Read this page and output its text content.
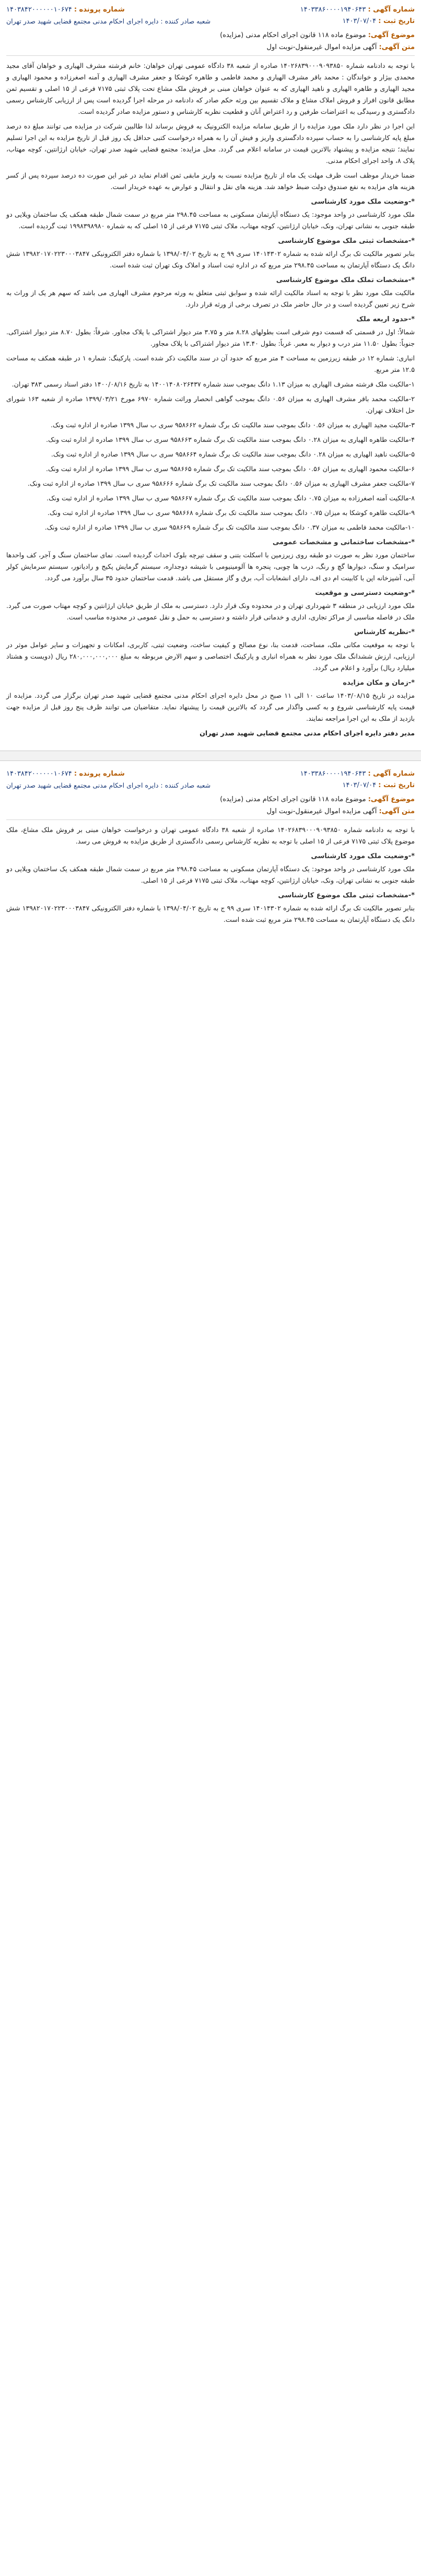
شماره آگهی : ۱۴۰۳۳۸۶۰۰۰۰۱۹۴۰۶۴۳
شماره پرونده : ۱۴۰۳۸۴۲۰۰۰۰۰۰۱۰۶۷۴
تاریخ ثبت : ۱۴۰۳/۰۷/۰۴
شعبه صادر کننده : دایره اجرای احکام مدنی مجتمع قضایی شهید صدر تهران
موضوع آگهی: موضوع ماده ۱۱۸ قانون اجرای احکام مدنی (مزایده)
متن آگهی: آگهی مزایده اموال غیرمنقول-نوبت اول

با توجه به دادنامه شماره ۱۴۰۲۶۸۳۹۰۰۰۹۰۹۳۸۵۰ صادره از شعبه ۳۸ دادگاه عمومی تهران خواهان: خانم فرشته مشرف الهیاری و خواهان آقای مجید محمدی بیژار و خواندگان : محمد باقر مشرف الهیاری و محمد فاطمی و طاهره کوشکا و جعفر مشرف الهیاری و آمنه اصغرزاده و محمود الهیاری و مجید الهیاری و طاهره الهیاری و ناهید الهیاری که به عنوان خواهان مبنی بر فروش ملک مشاع تحت پلاک ثبتی ۷۱۷۵ فرعی از ۱۵ اصلی و تقسیم ثمن مطابق قانون افراز و فروش املاک مشاع و ملاک تقسیم بین ورثه حکم صادر که دادنامه در مرحله اجرا گردیده است پس از ارزیابی کارشناس رسمی دادگستری و رسیدگی به اعتراضات طرفین و رد اعتراض آنان و قطعیت نظریه کارشناس و دستور مزایده صادر گردیده است.

این اجرا در نظر دارد ملک مورد مزایده را از طریق سامانه مزایده الکترونیک به فروش برساند لذا طالبین شرکت در مزایده می توانند مبلغ ده درصد مبلغ پایه کارشناسی را به حساب سپرده دادگستری واریز و فیش آن را به همراه درخواست کتبی حداقل یک روز قبل از تاریخ مزایده به این اجرا تسلیم نمایند؛ نتیجه مزایده و پیشنهاد بالاترین قیمت در سامانه اعلام می گردد. محل مزایده: مجتمع قضایی شهید صدر تهران، خیابان ارژانتین، کوچه مهتاب، پلاک ۸، واحد اجرای احکام مدنی.

ضمنا خریدار موظف است ظرف مهلت یک ماه از تاریخ مزایده نسبت به واریز مابقی ثمن اقدام نماید در غیر این صورت ده درصد سپرده پس از کسر هزینه های مزایده به نفع صندوق دولت ضبط خواهد شد. هزینه های نقل و انتقال و عوارض به عهده خریدار است.

*-وضعیت ملک مورد کارشناسی

ملک مورد کارشناسی در واحد موجود: یک دستگاه آپارتمان مسکونی به مساحت ۲۹۸.۴۵ متر مربع در سمت شمال طبقه همکف یک ساختمان ویلایی دو طبقه جنوبی به نشانی تهران، ونک، خیابان ارژانتین، کوچه مهتاب، ملاک ثبتی ۷۱۷۵ فرعی از ۱۵ اصلی که به شماره ۱۹۹۸۳۹۸۹۸۰ ثبت گردیده است.

*-مشخصات ثبتی ملک موضوع کارشناسی

بنابر تصویر مالکیت تک برگ ارائه شده به شماره ۱۴۰۱۴۳۰۲ سری ۹۹ ج به تاریخ ۱۳۹۸/۰۴/۰۲ با شماره دفتر الکترونیکی ۱۳۹۸۲۰۱۷۰۲۲۳۰۰۰۳۸۴۷ شش دانگ یک دستگاه آپارتمان به مساحت ۲۹۸.۴۵ متر مربع که در اداره ثبت اسناد و املاک ونک تهران ثبت شده است.

*-مشخصات تملک ملک موضوع کارشناسی

مالکیت ملک مورد نظر با توجه به اسناد مالکیت ارائه شده و سوابق ثبتی متعلق به ورثه مرحوم مشرف الهیاری می باشد که سهم هر یک از وراث به شرح زیر تعیین گردیده است و در حال حاضر ملک در تصرف برخی از ورثه قرار دارد.

*-حدود اربعه ملک

شمالاً: اول در قسمتی که قسمت دوم شرقی است بطولهای ۸.۲۸ متر و ۳.۷۵ متر دیوار اشتراکی با پلاک مجاور. شرقاً: بطول ۸.۷۰ متر دیوار اشتراکی. جنوباً: بطول ۱۱.۵۰ متر درب و دیوار به معبر. غرباً: بطول ۱۳.۴۰ متر دیوار اشتراکی با پلاک مجاور.

انباری: شماره ۱۲ در طبقه زیرزمین به مساحت ۴ متر مربع که حدود آن در سند مالکیت ذکر شده است. پارکینگ: شماره ۱ در طبقه همکف به مساحت ۱۲.۵ متر مربع.

۱-مالکیت ملک فرشته مشرف الهیاری به میزان ۱.۱۳ دانگ بموجب سند شماره ۱۴۰۰۱۴۰۸۰۲۶۴۳۷ به تاریخ ۱۴۰۰/۰۸/۱۶ دفتر اسناد رسمی ۳۸۳ تهران.

۲-مالکیت محمد باقر مشرف الهیاری به میزان ۰.۵۶ دانگ بموجب گواهی انحصار وراثت شماره ۶۹۷۰ مورخ ۱۳۹۹/۰۳/۲۱ صادره از شعبه ۱۶۳ شورای حل اختلاف تهران.

۳-مالکیت مجید الهیاری به میزان ۰.۵۶ دانگ بموجب سند مالکیت تک برگ شماره ۹۵۸۶۶۲ سری ب سال ۱۳۹۹ صادره از اداره ثبت ونک.

۴-مالکیت طاهره الهیاری به میزان ۰.۲۸ دانگ بموجب سند مالکیت تک برگ شماره ۹۵۸۶۶۳ سری ب سال ۱۳۹۹ صادره از اداره ثبت ونک.

۵-مالکیت ناهید الهیاری به میزان ۰.۲۸ دانگ بموجب سند مالکیت تک برگ شماره ۹۵۸۶۶۴ سری ب سال ۱۳۹۹ صادره از اداره ثبت ونک.

۶-مالکیت محمود الهیاری به میزان ۰.۵۶ دانگ بموجب سند مالکیت تک برگ شماره ۹۵۸۶۶۵ سری ب سال ۱۳۹۹ صادره از اداره ثبت ونک.

۷-مالکیت جعفر مشرف الهیاری به میزان ۰.۵۶ دانگ بموجب سند مالکیت تک برگ شماره ۹۵۸۶۶۶ سری ب سال ۱۳۹۹ صادره از اداره ثبت ونک.

۸-مالکیت آمنه اصغرزاده به میزان ۰.۷۵ دانگ بموجب سند مالکیت تک برگ شماره ۹۵۸۶۶۷ سری ب سال ۱۳۹۹ صادره از اداره ثبت ونک.

۹-مالکیت طاهره کوشکا به میزان ۰.۷۵ دانگ بموجب سند مالکیت تک برگ شماره ۹۵۸۶۶۸ سری ب سال ۱۳۹۹ صادره از اداره ثبت ونک.

۱۰-مالکیت محمد فاطمی به میزان ۰.۳۷ دانگ بموجب سند مالکیت تک برگ شماره ۹۵۸۶۶۹ سری ب سال ۱۳۹۹ صادره از اداره ثبت ونک.

*-مشخصات ساختمانی و مشخصات عمومی

ساختمان مورد نظر به صورت دو طبقه روی زیرزمین با اسکلت بتنی و سقف تیرچه بلوک احداث گردیده است. نمای ساختمان سنگ و آجر، کف واحدها سرامیک و سنگ، دیوارها گچ و رنگ، درب ها چوبی، پنجره ها آلومینیومی با شیشه دوجداره، سیستم گرمایش پکیج و رادیاتور، سیستم سرمایش کولر آبی، آشپزخانه اپن با کابینت ام دی اف، دارای انشعابات آب، برق و گاز مستقل می باشد. قدمت ساختمان حدود ۳۵ سال برآورد می گردد.

*-وضعیت دسترسی و موقعیت

ملک مورد ارزیابی در منطقه ۳ شهرداری تهران و در محدوده ونک قرار دارد. دسترسی به ملک از طریق خیابان ارژانتین و کوچه مهتاب صورت می گیرد. ملک در فاصله مناسبی از مراکز تجاری، اداری و خدماتی قرار داشته و دسترسی به حمل و نقل عمومی در محدوده مناسب است.

*-نظریه کارشناس

با توجه به موقعیت مکانی ملک، مساحت، قدمت بنا، نوع مصالح و کیفیت ساخت، وضعیت ثبتی، کاربری، امکانات و تجهیزات و سایر عوامل موثر در ارزیابی، ارزش ششدانگ ملک مورد نظر به همراه انباری و پارکینگ اختصاصی و سهم الارض مربوطه به مبلغ ۲۸۰,۰۰۰,۰۰۰,۰۰۰ ریال (دویست و هشتاد میلیارد ریال) برآورد و اعلام می گردد.

*-زمان و مکان مزایده

مزایده در تاریخ ۱۴۰۳/۰۸/۱۵ ساعت ۱۰ الی ۱۱ صبح در محل دایره اجرای احکام مدنی مجتمع قضایی شهید صدر تهران برگزار می گردد. مزایده از قیمت پایه کارشناسی شروع و به کسی واگذار می گردد که بالاترین قیمت را پیشنهاد نماید. متقاضیان می توانند ظرف پنج روز قبل از مزایده جهت بازدید از ملک به این اجرا مراجعه نمایند.

مدیر دفتر دایره اجرای احکام مدنی مجتمع قضایی شهید صدر تهران

شماره آگهی : ۱۴۰۳۳۸۶۰۰۰۰۱۹۴۰۶۴۳
شماره پرونده : ۱۴۰۳۸۴۲۰۰۰۰۰۰۱۰۶۷۴
تاریخ ثبت : ۱۴۰۳/۰۷/۰۴
شعبه صادر کننده : دایره اجرای احکام مدنی مجتمع قضایی شهید صدر تهران
موضوع آگهی: موضوع ماده ۱۱۸ قانون اجرای احکام مدنی (مزایده)
متن آگهی: آگهی مزایده اموال غیرمنقول-نوبت اول

با توجه به دادنامه شماره ۱۴۰۲۶۸۳۹۰۰۰۹۰۹۳۸۵۰ صادره از شعبه ۳۸ دادگاه عمومی تهران و درخواست خواهان مبنی بر فروش ملک مشاع، ملک موضوع پلاک ثبتی ۷۱۷۵ فرعی از ۱۵ اصلی با توجه به نظریه کارشناس رسمی دادگستری از طریق مزایده به فروش می رسد.

*-وضعیت ملک مورد کارشناسی

ملک مورد کارشناسی در واحد موجود: یک دستگاه آپارتمان مسکونی به مساحت ۲۹۸.۴۵ متر مربع در سمت شمال طبقه همکف یک ساختمان ویلایی دو طبقه جنوبی به نشانی تهران، ونک، خیابان ارژانتین، کوچه مهتاب، ملاک ثبتی ۷۱۷۵ فرعی از ۱۵ اصلی.

*-مشخصات ثبتی ملک موضوع کارشناسی

بنابر تصویر مالکیت تک برگ ارائه شده به شماره ۱۴۰۱۴۳۰۲ سری ۹۹ ج به تاریخ ۱۳۹۸/۰۴/۰۲ با شماره دفتر الکترونیکی ۱۳۹۸۲۰۱۷۰۲۲۳۰۰۰۳۸۴۷ شش دانگ یک دستگاه آپارتمان به مساحت ۲۹۸.۴۵ متر مربع ثبت شده است.
